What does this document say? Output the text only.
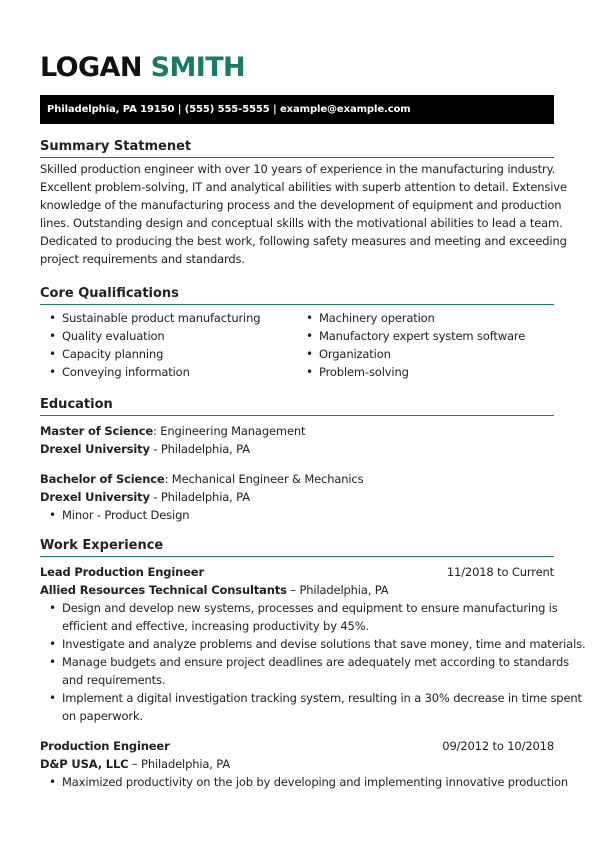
LOGAN SMITH
Philadelphia, PA 19150 | (555) 555-5555 | example@example.com
Summary Statmenet
Skilled production engineer with over 10 years of experience in the manufacturing industry.
Excellent problem-solving, IT and analytical abilities with superb attention to detail. Extensive
knowledge of the manufacturing process and the development of equipment and production
lines. Outstanding design and conceptual skills with the motivational abilities to lead a team.
Dedicated to producing the best work, following safety measures and meeting and exceeding
project requirements and standards.
Core Qualifications
• Sustainable product manufacturing
• Quality evaluation
• Capacity planning
• Conveying information
• Machinery operation
• Manufactory expert system software
• Organization
• Problem-solving
Education
Master of Science: Engineering Management
Drexel University - Philadelphia, PA
Bachelor of Science: Mechanical Engineer & Mechanics
Drexel University - Philadelphia, PA
• Minor - Product Design
Work Experience
Lead Production Engineer	11/2018 to Current
Allied Resources Technical Consultants – Philadelphia, PA
• Design and develop new systems, processes and equipment to ensure manufacturing is
efficient and effective, increasing productivity by 45%.
• Investigate and analyze problems and devise solutions that save money, time and materials.
• Manage budgets and ensure project deadlines are adequately met according to standards
and requirements.
• Implement a digital investigation tracking system, resulting in a 30% decrease in time spent
on paperwork.
Production Engineer	09/2012 to 10/2018
D&P USA, LLC – Philadelphia, PA
• Maximized productivity on the job by developing and implementing innovative production
